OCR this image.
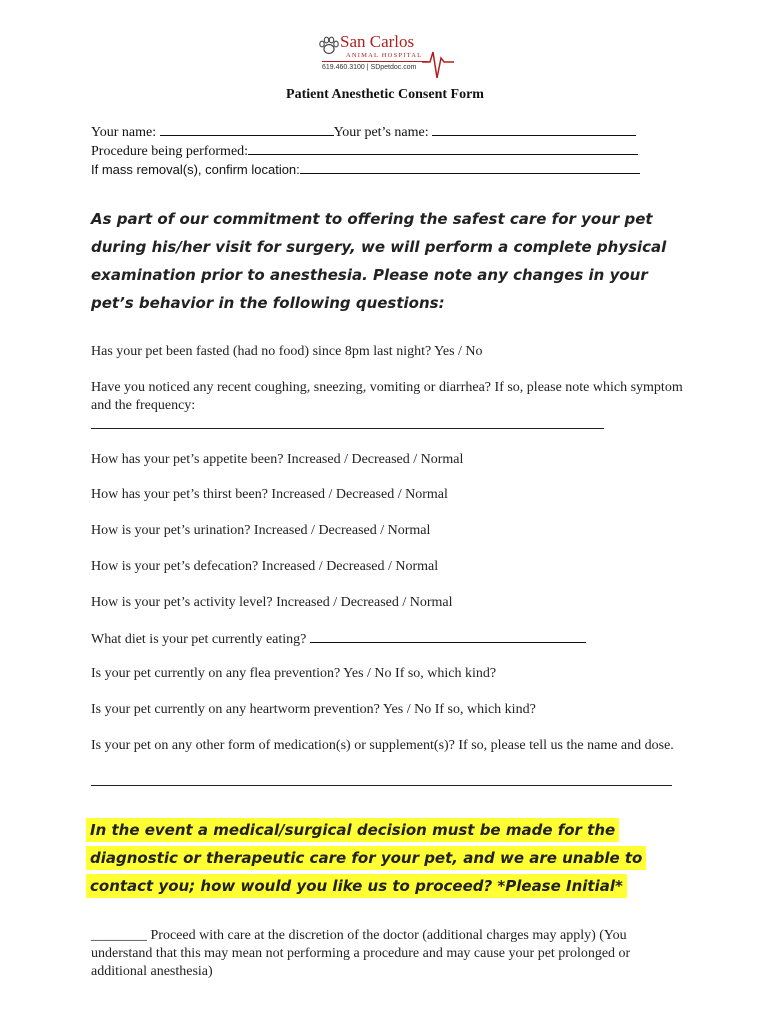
San Carlos
ANIMAL HOSPITAL
619.460.3100 | SDpetdoc.com
Patient Anesthetic Consent Form
Your name:	Your pet’s name:
Procedure being performed:
If mass removal(s), confirm location:
As part of our commitment to offering the safest care for your pet during his/her visit for surgery, we will perform a complete physical examination prior to anesthesia. Please note any changes in your pet’s behavior in the following questions:
Has your pet been fasted (had no food) since 8pm last night? Yes / No
Have you noticed any recent coughing, sneezing, vomiting or diarrhea? If so, please note which symptom and the frequency:
How has your pet’s appetite been? Increased / Decreased / Normal
How has your pet’s thirst been? Increased / Decreased / Normal
How is your pet’s urination? Increased / Decreased / Normal
How is your pet’s defecation? Increased / Decreased / Normal
How is your pet’s activity level? Increased / Decreased / Normal
What diet is your pet currently eating?
Is your pet currently on any flea prevention? Yes / No If so, which kind?
Is your pet currently on any heartworm prevention? Yes / No If so, which kind?
Is your pet on any other form of medication(s) or supplement(s)? If so, please tell us the name and dose.
In the event a medical/surgical decision must be made for the diagnostic or therapeutic care for your pet, and we are unable to contact you; how would you like us to proceed? *Please Initial*
________ Proceed with care at the discretion of the doctor (additional charges may apply) (You understand that this may mean not performing a procedure and may cause your pet prolonged or additional anesthesia)
